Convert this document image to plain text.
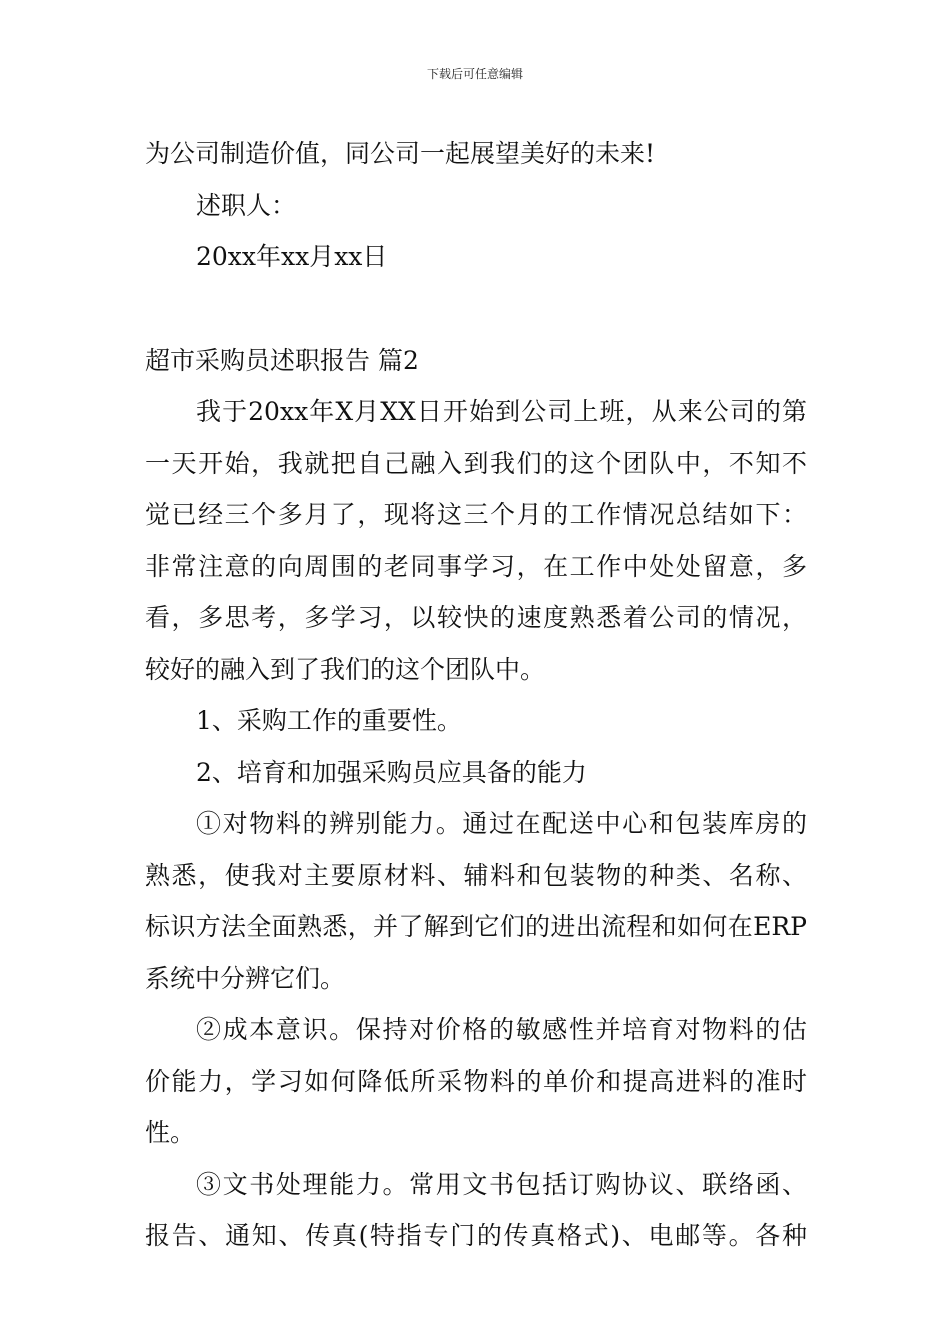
下载后可任意编辑
为公司制造价值，同公司一起展望美好的未来!
述职人：
20xx年xx月xx日
超市采购员述职报告 篇2
我于20xx年X月XX日开始到公司上班，从来公司的第
一天开始，我就把自己融入到我们的这个团队中，不知不
觉已经三个多月了，现将这三个月的工作情况总结如下：
非常注意的向周围的老同事学习，在工作中处处留意，多
看，多思考，多学习，以较快的速度熟悉着公司的情况，
较好的融入到了我们的这个团队中。
1、采购工作的重要性。
2、培育和加强采购员应具备的能力
①对物料的辨别能力。通过在配送中心和包装库房的
熟悉，使我对主要原材料、辅料和包装物的种类、名称、
标识方法全面熟悉，并了解到它们的进出流程和如何在ERP
系统中分辨它们。
②成本意识。保持对价格的敏感性并培育对物料的估
价能力，学习如何降低所采物料的单价和提高进料的准时
性。
③文书处理能力。常用文书包括订购协议、联络函、
报告、通知、传真(特指专门的传真格式)、电邮等。各种
